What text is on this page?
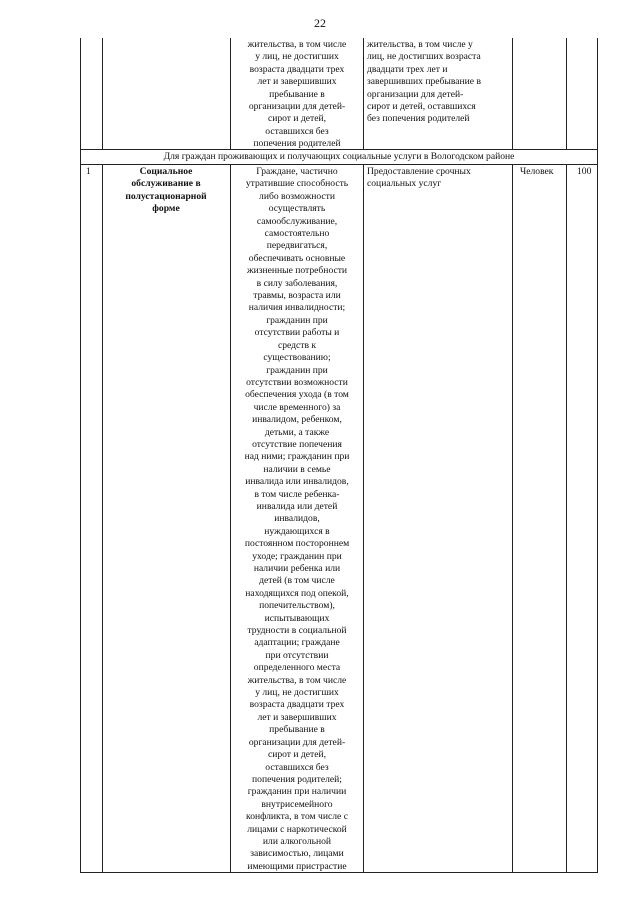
22
жительства, в том числе
у лиц, не достигших
возраста двадцати трех
лет и завершивших
пребывание в
организации для детей-
сирот и детей,
оставшихся без
попечения родителей
жительства, в том числе у
лиц, не достигших возраста
двадцати трех лет и
завершивших пребывание в
организации для детей-
сирот и детей, оставшихся
без попечения родителей
Для граждан проживающих и получающих социальные услуги в Вологодском районе
1	Социальное
обслуживание в
полустационарной
форме
Граждане, частично
утратившие способность
либо возможности
осуществлять
самообслуживание,
самостоятельно
передвигаться,
обеспечивать основные
жизненные потребности
в силу заболевания,
травмы, возраста или
наличия инвалидности;
гражданин при
отсутствии работы и
средств к
существованию;
гражданин при
отсутствии возможности
обеспечения ухода (в том
числе временного) за
инвалидом, ребенком,
детьми, а также
отсутствие попечения
над ними; гражданин при
наличии в семье
инвалида или инвалидов,
в том числе ребенка-
инвалида или детей
инвалидов,
нуждающихся в
постоянном постороннем
уходе; гражданин при
наличии ребенка или
детей (в том числе
находящихся под опекой,
попечительством),
испытывающих
трудности в социальной
адаптации; граждане
при отсутствии
определенного места
жительства, в том числе
у лиц, не достигших
возраста двадцати трех
лет и завершивших
пребывание в
организации для детей-
сирот и детей,
оставшихся без
попечения родителей;
гражданин при наличии
внутрисемейного
конфликта, в том числе с
лицами с наркотической
или алкогольной
зависимостью, лицами
имеющими пристрастие
Предоставление срочных
социальных услуг
Человек	100
